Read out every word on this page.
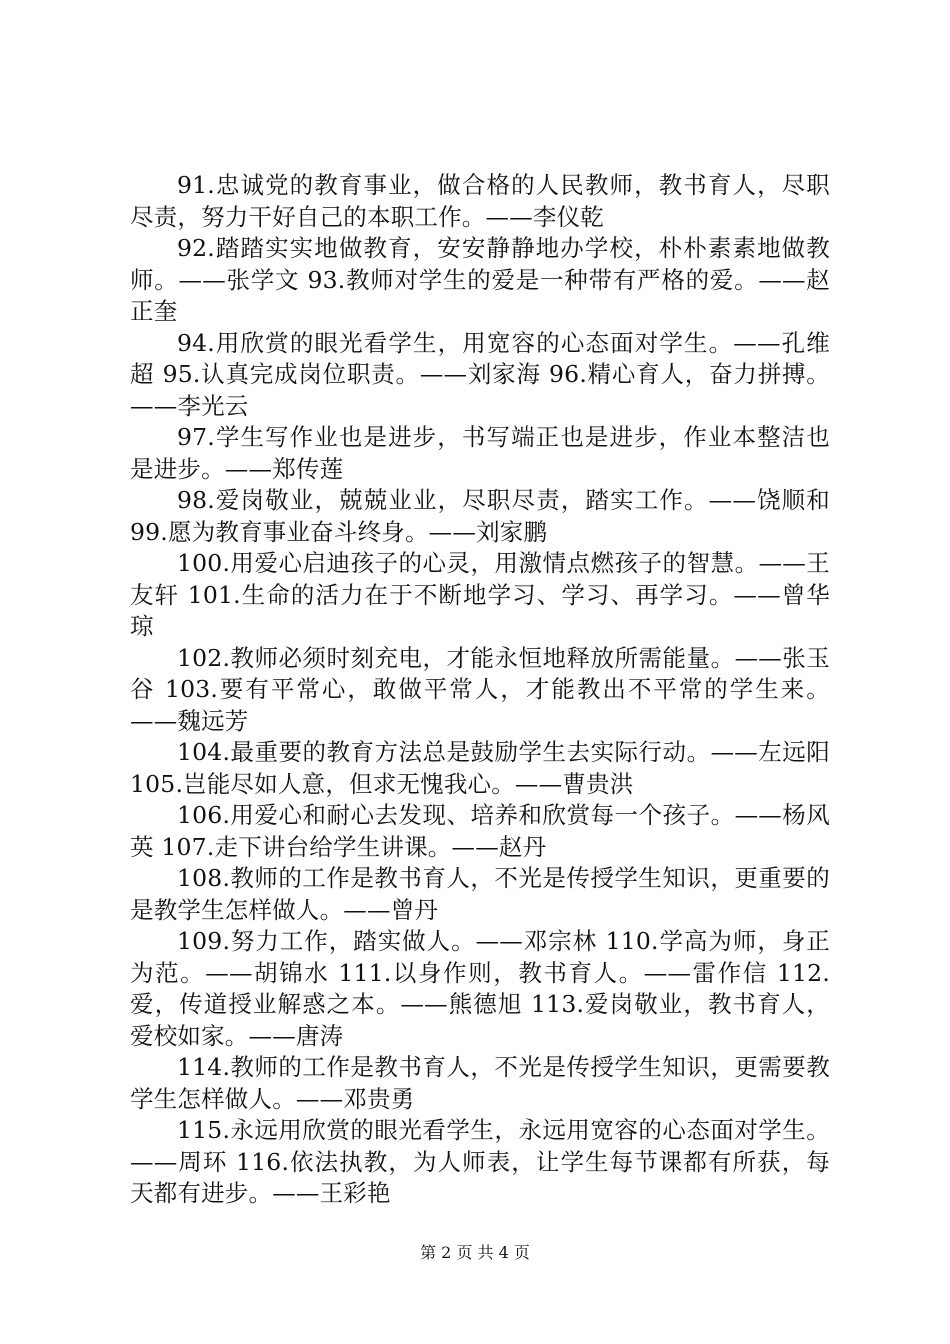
91.忠诚党的教育事业，做合格的人民教师，教书育人，尽职尽责，努力干好自己的本职工作。——李仪乾

92.踏踏实实地做教育，安安静静地办学校，朴朴素素地做教师。——张学文 93.教师对学生的爱是一种带有严格的爱。——赵正奎

94.用欣赏的眼光看学生，用宽容的心态面对学生。——孔维超 95.认真完成岗位职责。——刘家海 96.精心育人，奋力拼搏。——李光云

97.学生写作业也是进步，书写端正也是进步，作业本整洁也是进步。——郑传莲

98.爱岗敬业，兢兢业业，尽职尽责，踏实工作。——饶顺和 99.愿为教育事业奋斗终身。——刘家鹏

100.用爱心启迪孩子的心灵，用激情点燃孩子的智慧。——王友轩 101.生命的活力在于不断地学习、学习、再学习。——曾华琼

102.教师必须时刻充电，才能永恒地释放所需能量。——张玉谷 103.要有平常心，敢做平常人，才能教出不平常的学生来。——魏远芳

104.最重要的教育方法总是鼓励学生去实际行动。——左远阳 105.岂能尽如人意，但求无愧我心。——曹贵洪

106.用爱心和耐心去发现、培养和欣赏每一个孩子。——杨风英 107.走下讲台给学生讲课。——赵丹

108.教师的工作是教书育人，不光是传授学生知识，更重要的是教学生怎样做人。——曾丹

109.努力工作，踏实做人。——邓宗林 110.学高为师，身正为范。——胡锦水 111.以身作则，教书育人。——雷作信 112.爱，传道授业解惑之本。——熊德旭 113.爱岗敬业，教书育人，爱校如家。——唐涛

114.教师的工作是教书育人，不光是传授学生知识，更需要教学生怎样做人。——邓贵勇

115.永远用欣赏的眼光看学生，永远用宽容的心态面对学生。——周环 116.依法执教，为人师表，让学生每节课都有所获，每天都有进步。——王彩艳

第 2 页 共 4 页
